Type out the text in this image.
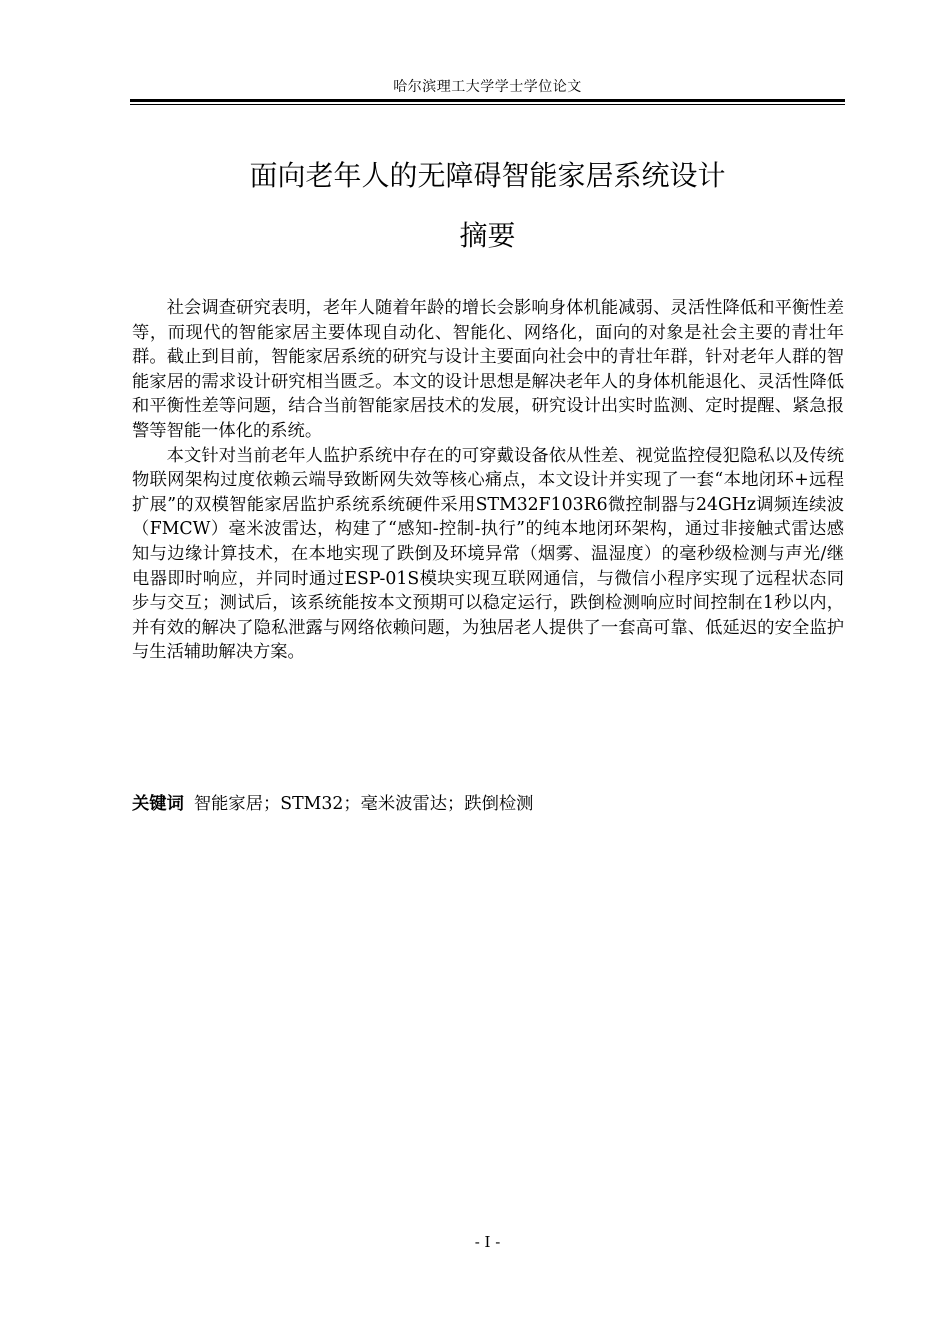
哈尔滨理工大学学士学位论文
面向老年人的无障碍智能家居系统设计
摘要

社会调查研究表明，老年人随着年龄的增长会影响身体机能减弱、灵活性降低和平衡性差等，而现代的智能家居主要体现自动化、智能化、网络化，面向的对象是社会主要的青壮年群。截止到目前，智能家居系统的研究与设计主要面向社会中的青壮年群，针对老年人群的智能家居的需求设计研究相当匮乏。本文的设计思想是解决老年人的身体机能退化、灵活性降低和平衡性差等问题，结合当前智能家居技术的发展，研究设计出实时监测、定时提醒、紧急报警等智能一体化的系统。

本文针对当前老年人监护系统中存在的可穿戴设备依从性差、视觉监控侵犯隐私以及传统物联网架构过度依赖云端导致断网失效等核心痛点，本文设计并实现了一套“本地闭环+远程扩展”的双模智能家居监护系统系统硬件采用STM32F103R6微控制器与24GHz调频连续波（FMCW）毫米波雷达，构建了“感知-控制-执行”的纯本地闭环架构，通过非接触式雷达感知与边缘计算技术，在本地实现了跌倒及环境异常（烟雾、温湿度）的毫秒级检测与声光/继电器即时响应，并同时通过ESP-01S模块实现互联网通信，与微信小程序实现了远程状态同步与交互；测试后，该系统能按本文预期可以稳定运行，跌倒检测响应时间控制在1秒以内，并有效的解决了隐私泄露与网络依赖问题，为独居老人提供了一套高可靠、低延迟的安全监护与生活辅助解决方案。

关键词 智能家居；STM32；毫米波雷达；跌倒检测
- I -
